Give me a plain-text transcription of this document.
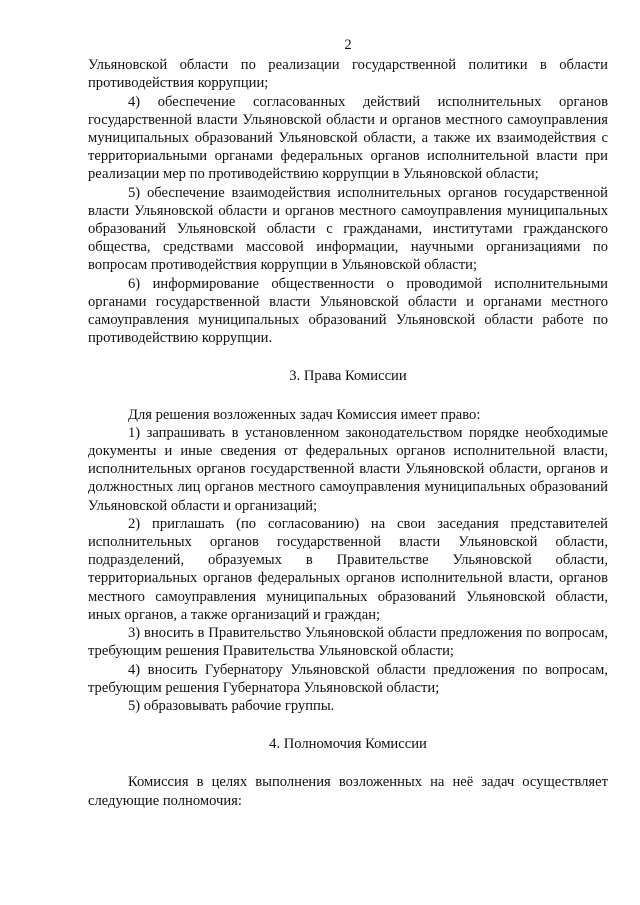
2

Ульяновской области по реализации государственной политики в области противодействия коррупции;

4) обеспечение согласованных действий исполнительных органов государственной власти Ульяновской области и органов местного самоуправления муниципальных образований Ульяновской области, а также их взаимодействия с территориальными органами федеральных органов исполнительной власти при реализации мер по противодействию коррупции в Ульяновской области;

5) обеспечение взаимодействия исполнительных органов государственной власти Ульяновской области и органов местного самоуправления муниципальных образований Ульяновской области с гражданами, институтами гражданского общества, средствами массовой информации, научными организациями по вопросам противодействия коррупции в Ульяновской области;

6) информирование общественности о проводимой исполнительными органами государственной власти Ульяновской области и органами местного самоуправления муниципальных образований Ульяновской области работе по противодействию коррупции.

3. Права Комиссии

Для решения возложенных задач Комиссия имеет право:

1) запрашивать в установленном законодательством порядке необходимые документы и иные сведения от федеральных органов исполнительной власти, исполнительных органов государственной власти Ульяновской области, органов и должностных лиц органов местного самоуправления муниципальных образований Ульяновской области и организаций;

2) приглашать (по согласованию) на свои заседания представителей исполнительных органов государственной власти Ульяновской области, подразделений, образуемых в Правительстве Ульяновской области, территориальных органов федеральных органов исполнительной власти, органов местного самоуправления муниципальных образований Ульяновской области, иных органов, а также организаций и граждан;

3) вносить в Правительство Ульяновской области предложения по вопросам, требующим решения Правительства Ульяновской области;

4) вносить Губернатору Ульяновской области предложения по вопросам, требующим решения Губернатора Ульяновской области;

5) образовывать рабочие группы.

4. Полномочия Комиссии

Комиссия в целях выполнения возложенных на неё задач осуществляет следующие полномочия:
